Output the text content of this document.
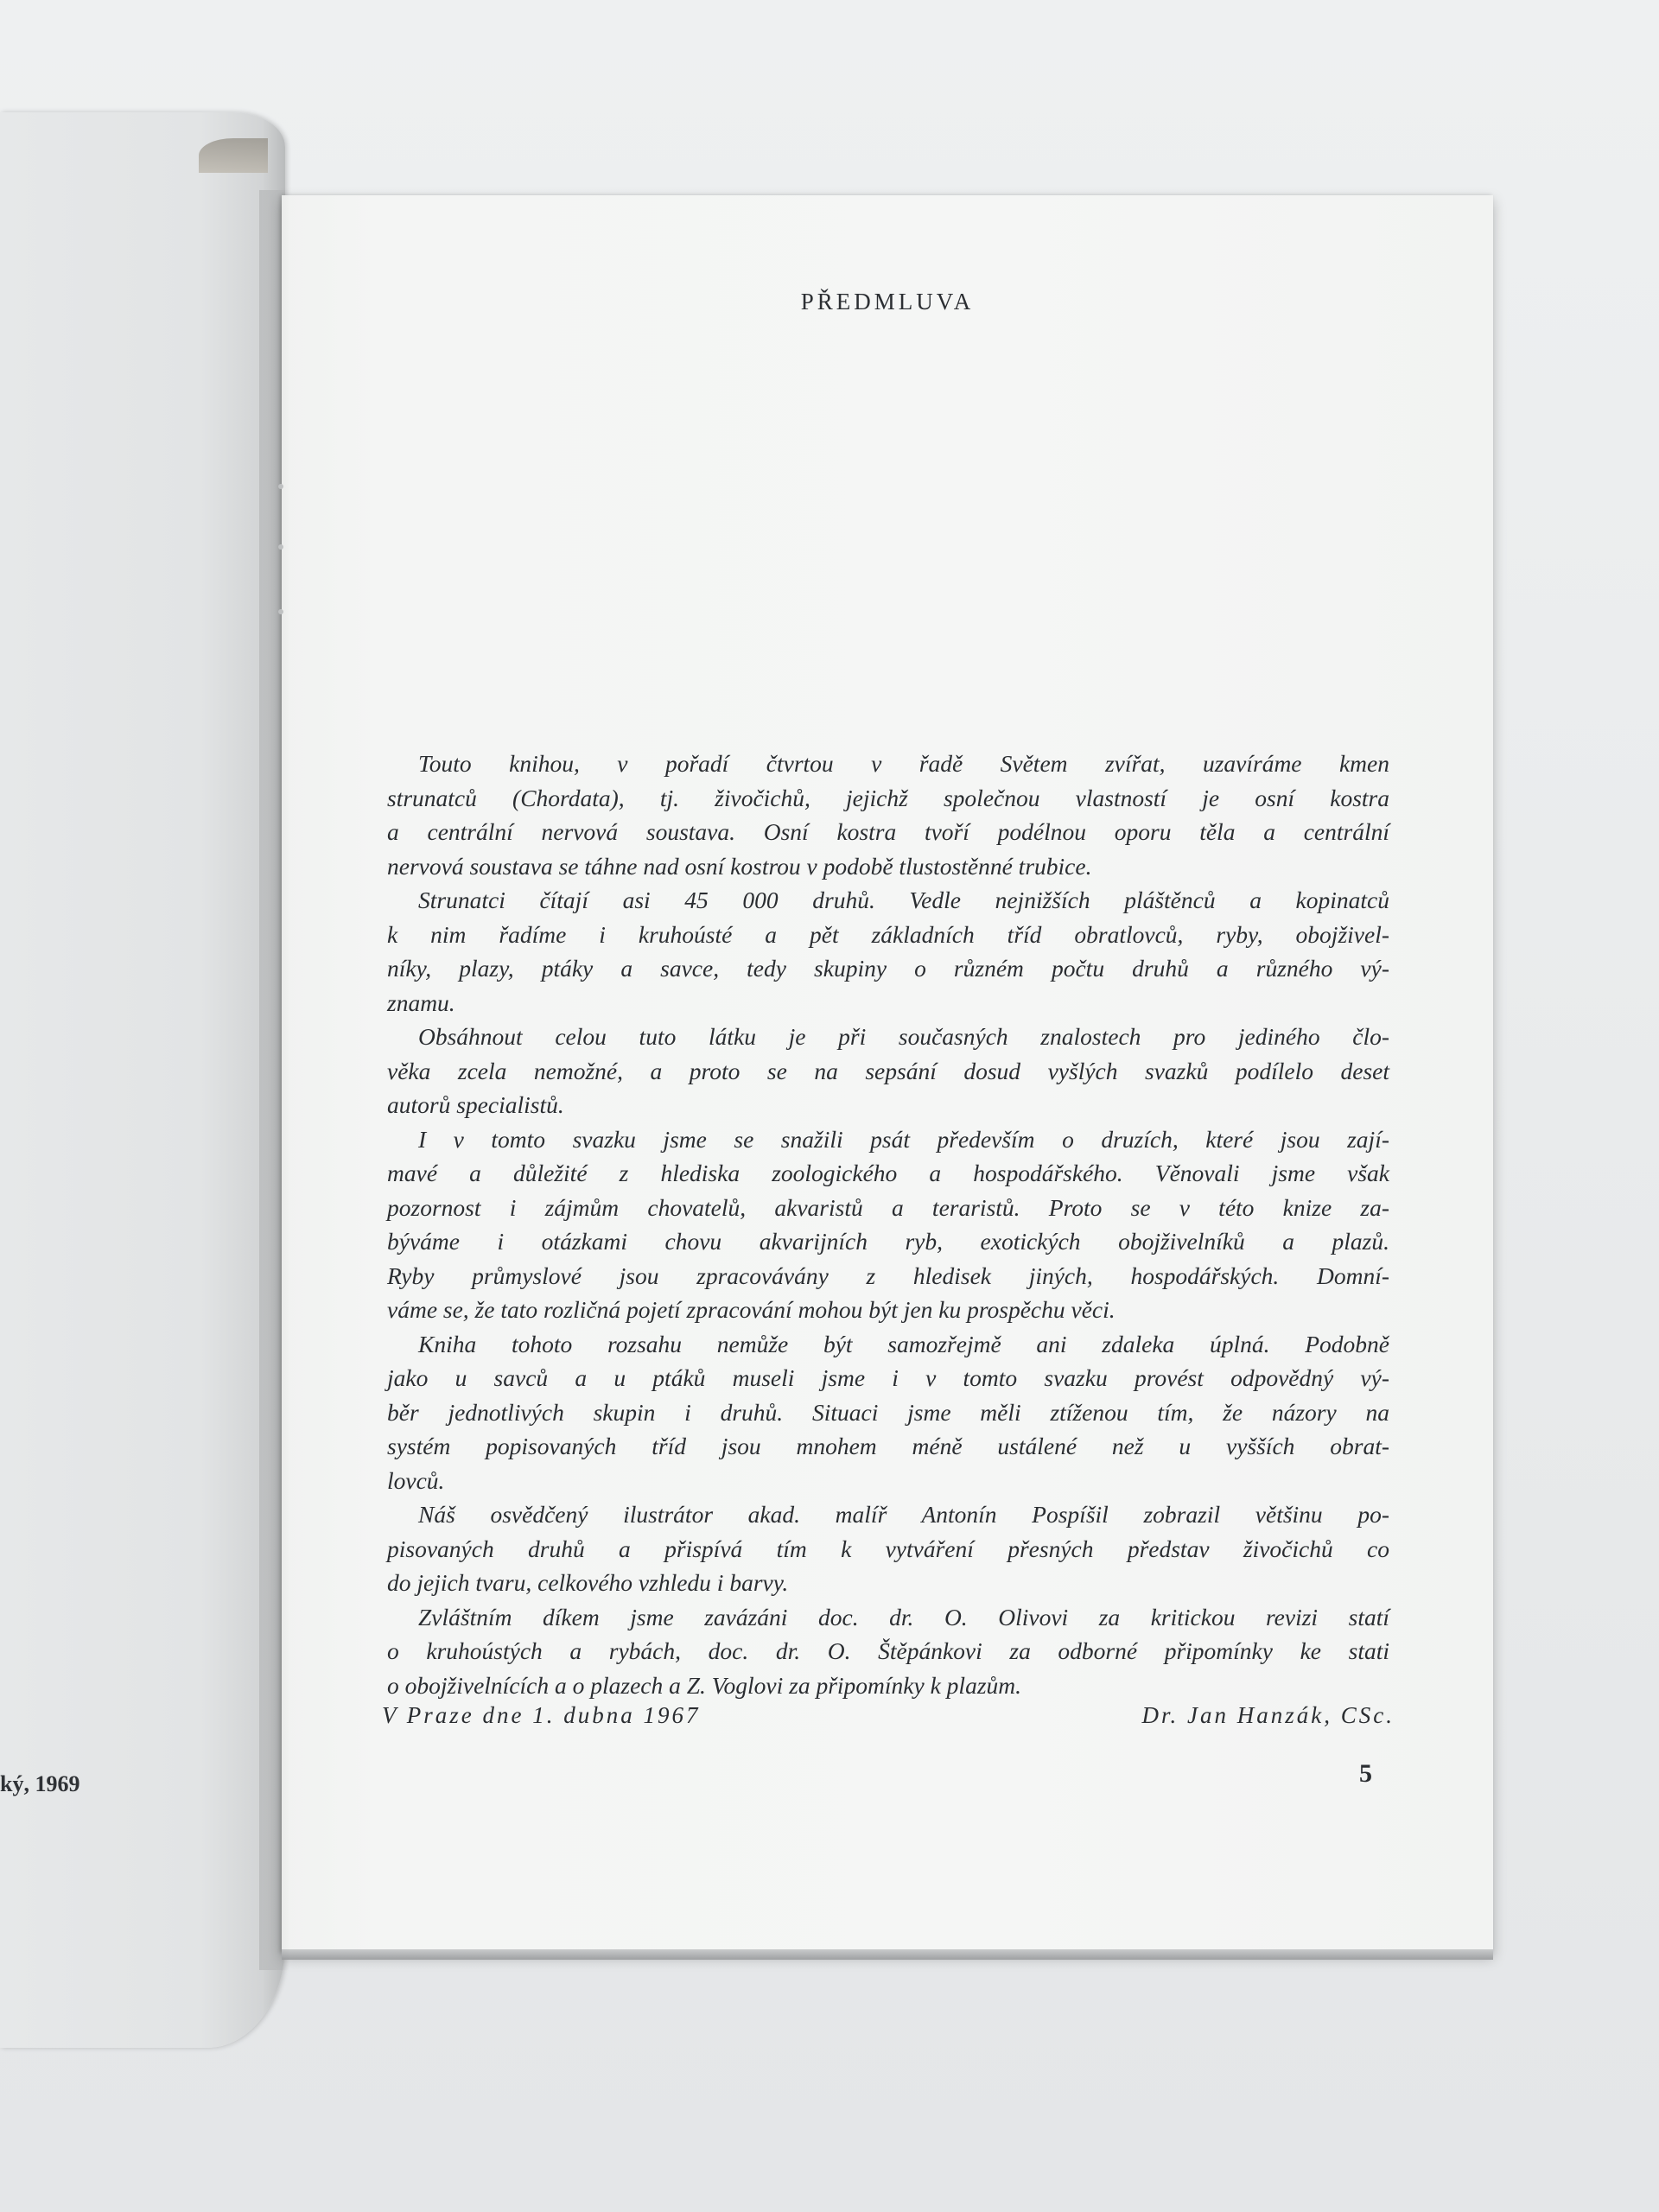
ký, 1969
PŘEDMLUVA
Touto knihou, v pořadí čtvrtou v řadě Světem zvířat, uzavíráme kmen
strunatců (Chordata), tj. živočichů, jejichž společnou vlastností je osní kostra
a centrální nervová soustava. Osní kostra tvoří podélnou oporu těla a centrální
nervová soustava se táhne nad osní kostrou v podobě tlustostěnné trubice.
Strunatci čítají asi 45 000 druhů. Vedle nejnižších pláštěnců a kopinatců
k nim řadíme i kruhoústé a pět základních tříd obratlovců, ryby, obojživel-
níky, plazy, ptáky a savce, tedy skupiny o různém počtu druhů a různého vý-
znamu.
Obsáhnout celou tuto látku je při současných znalostech pro jediného člo-
věka zcela nemožné, a proto se na sepsání dosud vyšlých svazků podílelo deset
autorů specialistů.
I v tomto svazku jsme se snažili psát především o druzích, které jsou zají-
mavé a důležité z hlediska zoologického a hospodářského. Věnovali jsme však
pozornost i zájmům chovatelů, akvaristů a teraristů. Proto se v této knize za-
býváme i otázkami chovu akvarijních ryb, exotických obojživelníků a plazů.
Ryby průmyslové jsou zpracovávány z hledisek jiných, hospodářských. Domní-
váme se, že tato rozličná pojetí zpracování mohou být jen ku prospěchu věci.
Kniha tohoto rozsahu nemůže být samozřejmě ani zdaleka úplná. Podobně
jako u savců a u ptáků museli jsme i v tomto svazku provést odpovědný vý-
běr jednotlivých skupin i druhů. Situaci jsme měli ztíženou tím, že názory na
systém popisovaných tříd jsou mnohem méně ustálené než u vyšších obrat-
lovců.
Náš osvědčený ilustrátor akad. malíř Antonín Pospíšil zobrazil většinu po-
pisovaných druhů a přispívá tím k vytváření přesných představ živočichů co
do jejich tvaru, celkového vzhledu i barvy.
Zvláštním díkem jsme zavázáni doc. dr. O. Olivovi za kritickou revizi statí
o kruhoústých a rybách, doc. dr. O. Štěpánkovi za odborné připomínky ke stati
o obojživelnících a o plazech a Z. Voglovi za připomínky k plazům.
V Praze dne 1. dubna 1967	Dr. Jan Hanzák, CSc.
5
